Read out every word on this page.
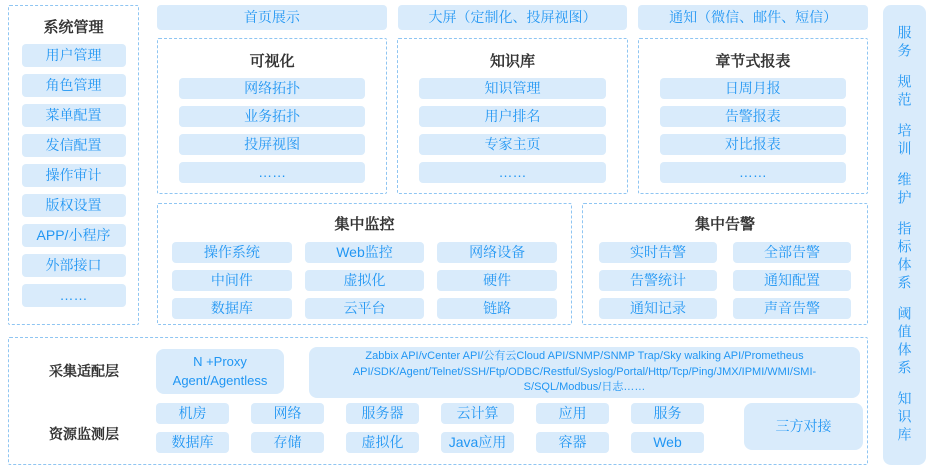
系统管理
用户管理
角色管理
菜单配置
发信配置
操作审计
版权设置
APP/小程序
外部接口
……
首页展示	大屏（定制化、投屏视图）	通知（微信、邮件、短信）
可视化
网络拓扑
业务拓扑
投屏视图
……
知识库
知识管理
用户排名
专家主页
……
章节式报表
日周月报
告警报表
对比报表
……
集中监控
操作系统	Web监控	网络设备
中间件	虚拟化	硬件
数据库	云平台	链路
集中告警
实时告警	全部告警
告警统计	通知配置
通知记录	声音告警
采集适配层
N +Proxy Agent/Agentless
Zabbix API/vCenter API/公有云Cloud API/SNMP/SNMP Trap/Sky walking API/Prometheus API/SDK/Agent/Telnet/SSH/Ftp/ODBC/Restful/Syslog/Portal/Http/Tcp/Ping/JMX/IPMI/WMI/SMI-S/SQL/Modbus/日志……
资源监测层
机房	网络	服务器	云计算	应用	服务
数据库	存储	虚拟化	Java应用	容器	Web
三方对接
服务
规范
培训
维护
指标体系
阈值体系
知识库
